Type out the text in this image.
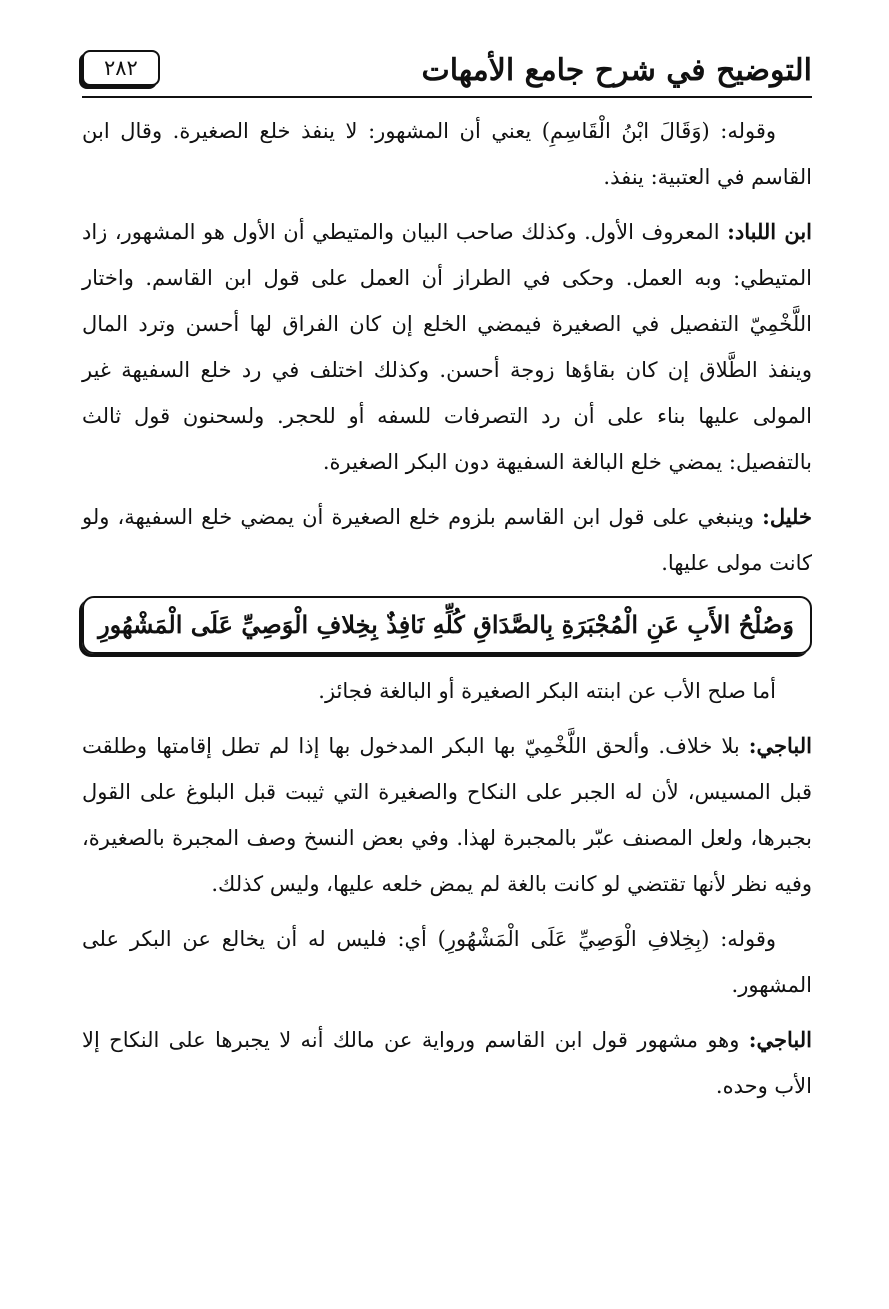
التوضيح في شرح جامع الأمهات
٢٨٢

وقوله: (وَقَالَ ابْنُ الْقَاسِمِ) يعني أن المشهور: لا ينفذ خلع الصغيرة. وقال ابن القاسم في العتبية: ينفذ.

ابن اللباد: المعروف الأول. وكذلك صاحب البيان والمتيطي أن الأول هو المشهور، زاد المتيطي: وبه العمل. وحكى في الطراز أن العمل على قول ابن القاسم. واختار اللَّخْمِيّ التفصيل في الصغيرة فيمضي الخلع إن كان الفراق لها أحسن وترد المال وينفذ الطَّلاق إن كان بقاؤها زوجة أحسن. وكذلك اختلف في رد خلع السفيهة غير المولى عليها بناء على أن رد التصرفات للسفه أو للحجر. ولسحنون قول ثالث بالتفصيل: يمضي خلع البالغة السفيهة دون البكر الصغيرة.

خليل: وينبغي على قول ابن القاسم بلزوم خلع الصغيرة أن يمضي خلع السفيهة، ولو كانت مولى عليها.

وَصُلْحُ الأَبِ عَنِ الْمُجْبَرَةِ بِالصَّدَاقِ كُلِّهِ نَافِذٌ بِخِلافِ الْوَصِيِّ عَلَى الْمَشْهُورِ

أما صلح الأب عن ابنته البكر الصغيرة أو البالغة فجائز.

الباجي: بلا خلاف. وألحق اللَّخْمِيّ بها البكر المدخول بها إذا لم تطل إقامتها وطلقت قبل المسيس، لأن له الجبر على النكاح والصغيرة التي ثيبت قبل البلوغ على القول بجبرها، ولعل المصنف عبّر بالمجبرة لهذا. وفي بعض النسخ وصف المجبرة بالصغيرة، وفيه نظر لأنها تقتضي لو كانت بالغة لم يمض خلعه عليها، وليس كذلك.

وقوله: (بِخِلافِ الْوَصِيِّ عَلَى الْمَشْهُورِ) أي: فليس له أن يخالع عن البكر على المشهور.

الباجي: وهو مشهور قول ابن القاسم ورواية عن مالك أنه لا يجبرها على النكاح إلا الأب وحده.
